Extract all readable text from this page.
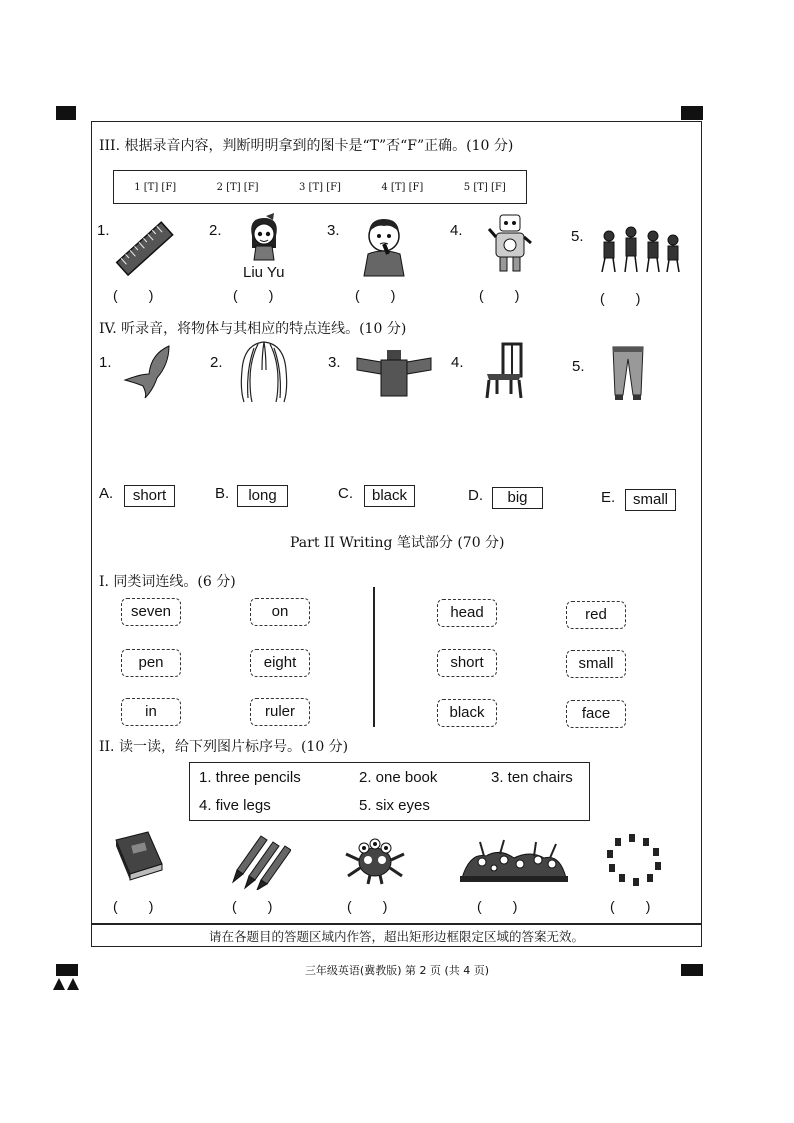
III. 根据录音内容，判断明明拿到的图卡是“T”否“F”正确。(10 分)
1 [T] [F]	2 [T] [F]	3 [T] [F]	4 [T] [F]	5 [T] [F]
1.	2.	3.	4.	5.
Liu Yu
(        )	(        )	(        )	(        )	(        )
IV. 听录音，将物体与其相应的特点连线。(10 分)
1.	2.	3.	4.	5.
A.	B.	C.	D.	E.
short	long	black	big	small
Part II Writing 笔试部分 (70 分)
I. 同类词连线。(6 分)
seven	on
pen	eight
in	ruler
head	red
short	small
black	face
II. 读一读，给下列图片标序号。(10 分)
1. three pencils	2. one book	3. ten chairs
4. five legs	5. six eyes
(        )	(        )	(        )	(        )	(        )
请在各题目的答题区域内作答，超出矩形边框限定区域的答案无效。
三年级英语(冀教版) 第 2 页 (共 4 页)
